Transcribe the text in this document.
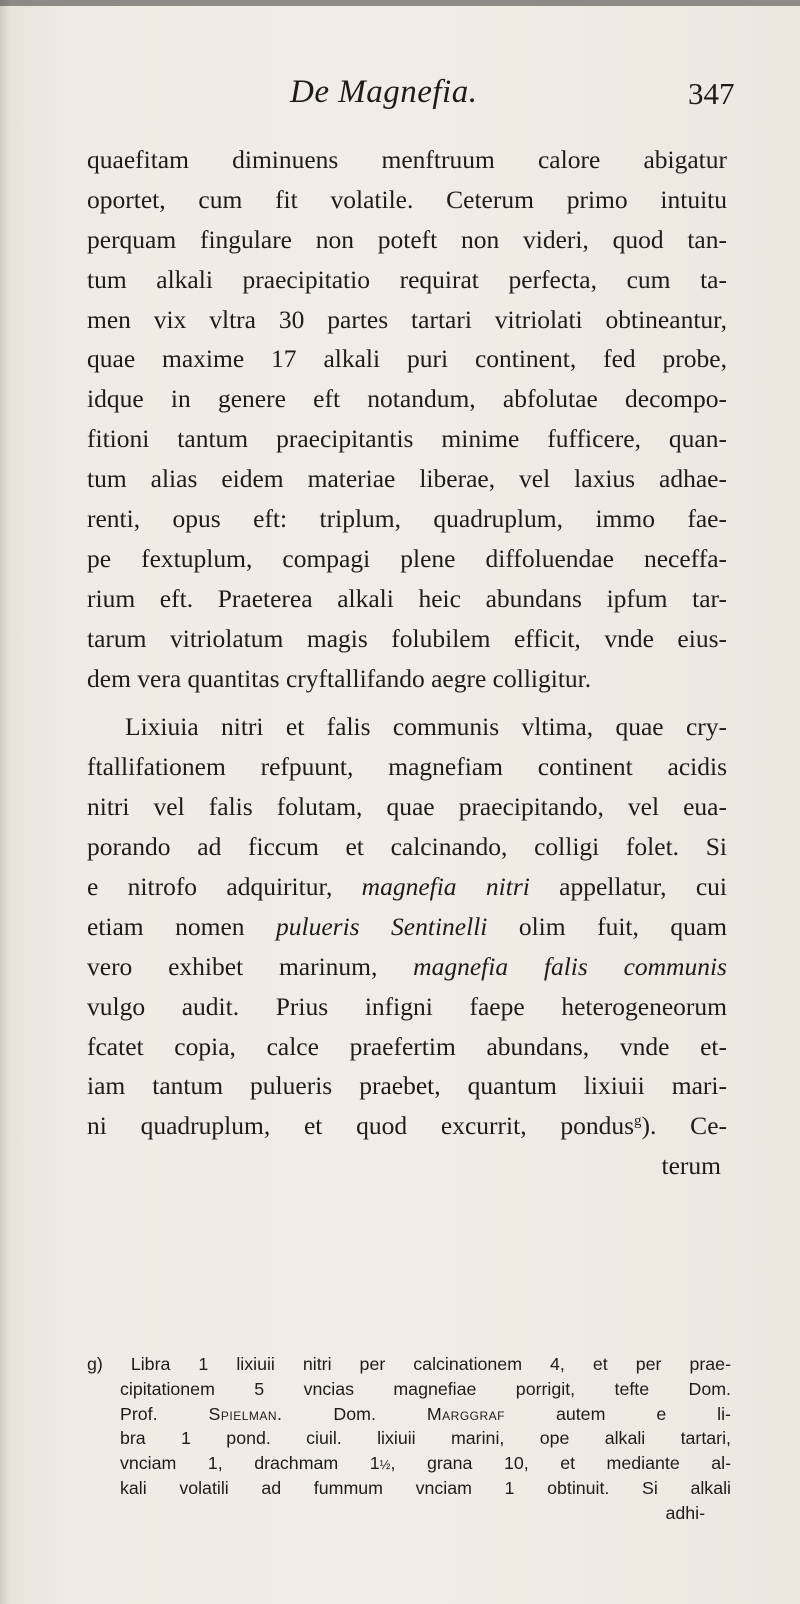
De Magnefia.	347
quaefitam diminuens menftruum calore abigatur
oportet, cum fit volatile. Ceterum primo intuitu
perquam fingulare non poteft non videri, quod tan-
tum alkali praecipitatio requirat perfecta, cum ta-
men vix vltra 30 partes tartari vitriolati obtineantur,
quae maxime 17 alkali puri continent, fed probe,
idque in genere eft notandum, abfolutae decompo-
fitioni tantum praecipitantis minime fufficere, quan-
tum alias eidem materiae liberae, vel laxius adhae-
renti, opus eft: triplum, quadruplum, immo fae-
pe fextuplum, compagi plene diffoluendae neceffa-
rium eft. Praeterea alkali heic abundans ipfum tar-
tarum vitriolatum magis folubilem efficit, vnde eius-
dem vera quantitas cryftallifando aegre colligitur.
Lixiuia nitri et falis communis vltima, quae cry-
ftallifationem refpuunt, magnefiam continent acidis
nitri vel falis folutam, quae praecipitando, vel eua-
porando ad ficcum et calcinando, colligi folet. Si
e nitrofo adquiritur, magnefia nitri appellatur, cui
etiam nomen pulueris Sentinelli olim fuit, quam
vero exhibet marinum, magnefia falis communis
vulgo audit. Prius infigni faepe heterogeneorum
fcatet copia, calce praefertim abundans, vnde et-
iam tantum pulueris praebet, quantum lixiuii mari-
ni quadruplum, et quod excurrit, pondus$^g$). Ce-
terum
g) Libra 1 lixiuii nitri per calcinationem 4, et per prae-
cipitationem 5 vncias magnefiae porrigit, tefte Dom.
Prof. Spielman. Dom. Marggraf autem e li-
bra 1 pond. ciuil. lixiuii marini, ope alkali tartari,
vnciam 1, drachmam 1½, grana 10, et mediante al-
kali volatili ad fummum vnciam 1 obtinuit. Si alkali
adhi-
